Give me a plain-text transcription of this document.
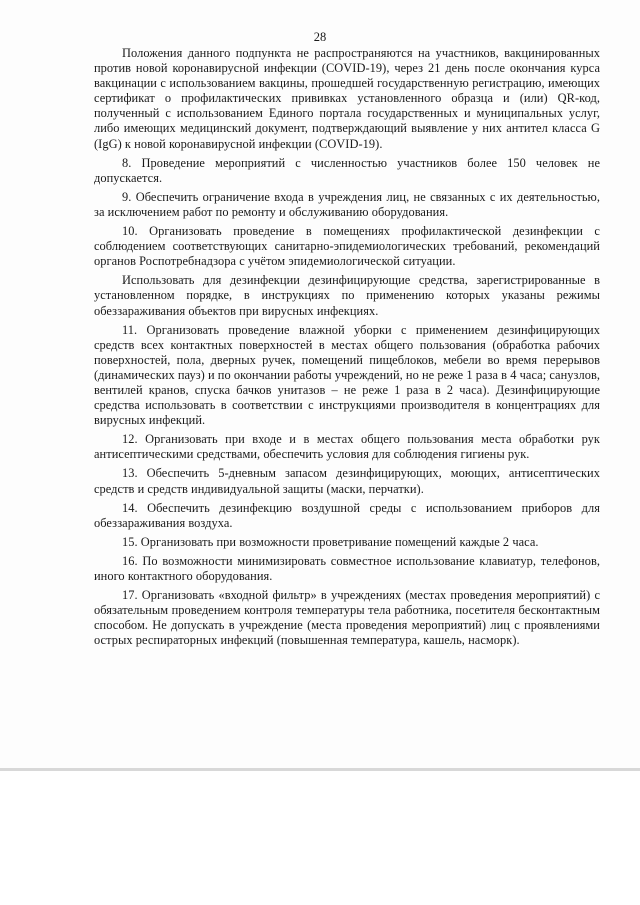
28

Положения данного подпункта не распространяются на участников, вакцинированных против новой коронавирусной инфекции (COVID-19), через 21 день после окончания курса вакцинации с использованием вакцины, прошедшей государственную регистрацию, имеющих сертификат о профилактических прививках установленного образца и (или) QR-код, полученный с использованием Единого портала государственных и муниципальных услуг, либо имеющих медицинский документ, подтверждающий выявление у них антител класса G (IgG) к новой коронавирусной инфекции (COVID-19).

8. Проведение мероприятий с численностью участников более 150 человек не допускается.

9. Обеспечить ограничение входа в учреждения лиц, не связанных с их деятельностью, за исключением работ по ремонту и обслуживанию оборудования.

10. Организовать проведение в помещениях профилактической дезинфекции с соблюдением соответствующих санитарно-эпидемиологических требований, рекомендаций органов Роспотребнадзора с учётом эпидемиологической ситуации.

Использовать для дезинфекции дезинфицирующие средства, зарегистрированные в установленном порядке, в инструкциях по применению которых указаны режимы обеззараживания объектов при вирусных инфекциях.

11. Организовать проведение влажной уборки с применением дезинфицирующих средств всех контактных поверхностей в местах общего пользования (обработка рабочих поверхностей, пола, дверных ручек, помещений пищеблоков, мебели во время перерывов (динамических пауз) и по окончании работы учреждений, но не реже 1 раза в 4 часа; санузлов, вентилей кранов, спуска бачков унитазов – не реже 1 раза в 2 часа). Дезинфицирующие средства использовать в соответствии с инструкциями производителя в концентрациях для вирусных инфекций.

12. Организовать при входе и в местах общего пользования места обработки рук антисептическими средствами, обеспечить условия для соблюдения гигиены рук.

13. Обеспечить 5-дневным запасом дезинфицирующих, моющих, антисептических средств и средств индивидуальной защиты (маски, перчатки).

14. Обеспечить дезинфекцию воздушной среды с использованием приборов для обеззараживания воздуха.

15. Организовать при возможности проветривание помещений каждые 2 часа.

16. По возможности минимизировать совместное использование клавиатур, телефонов, иного контактного оборудования.

17. Организовать «входной фильтр» в учреждениях (местах проведения мероприятий) с обязательным проведением контроля температуры тела работника, посетителя бесконтактным способом. Не допускать в учреждение (места проведения мероприятий) лиц с проявлениями острых респираторных инфекций (повышенная температура, кашель, насморк).
